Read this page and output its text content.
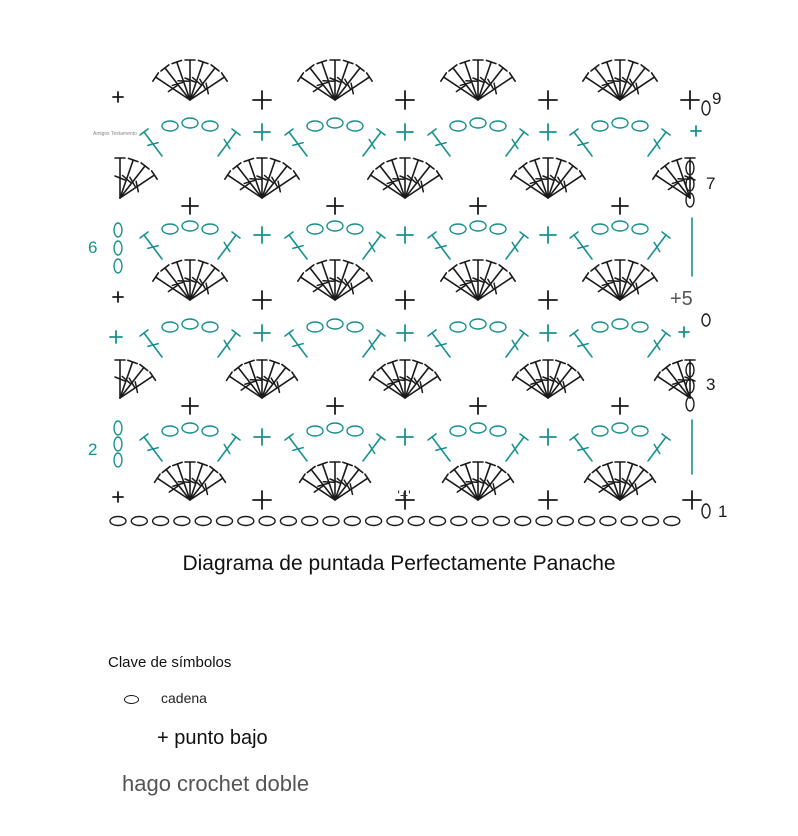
1
2
3
+5
6
7
9
'+'
Amigos Testamento
Diagrama de puntada Perfectamente Panache
Clave de símbolos
cadena
+ punto bajo
hago crochet doble
